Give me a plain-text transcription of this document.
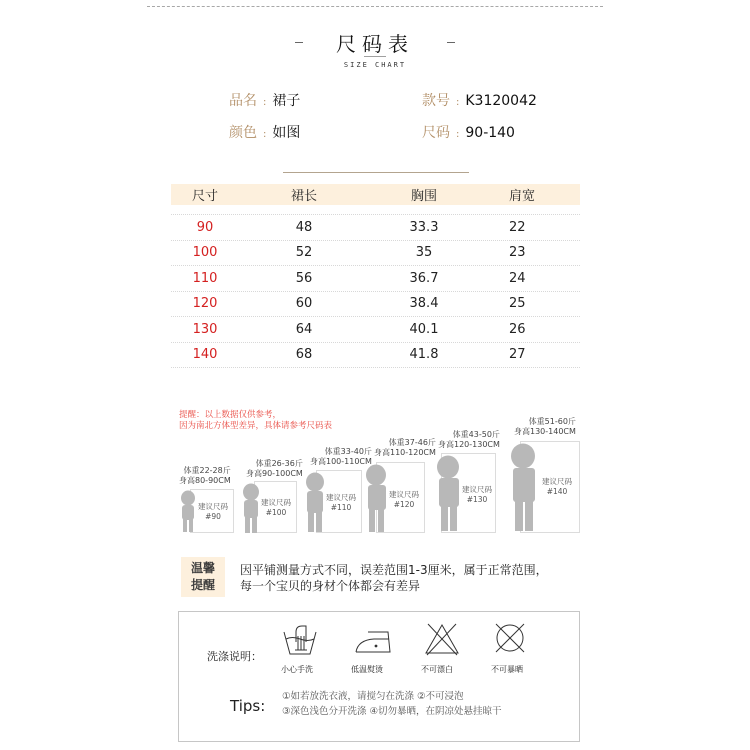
尺码表
SIZE CHART
品名 : 裙子	款号 : K3120042
颜色 : 如图	尺码 : 90-140
尺寸	裙长	胸围	肩宽
90	48	33.3	22
100	52	35	23
110	56	36.7	24
120	60	38.4	25
130	64	40.1	26
140	68	41.8	27
提醒：以上数据仅供参考，
因为南北方体型差异，具体请参考尺码表
体重22-28斤
身高80-90CM
建议尺码
#90
体重26-36斤
身高90-100CM
建议尺码
#100
体重33-40斤
身高100-110CM
建议尺码
#110
体重37-46斤
身高110-120CM
建议尺码
#120
体重43-50斤
身高120-130CM
建议尺码
#130
体重51-60斤
身高130-140CM
建议尺码
#140
温馨
提醒
因平铺测量方式不同，误差范围1-3厘米，属于正常范围，
每一个宝贝的身材个体都会有差异
洗涤说明：
小心手洗	低温熨烫	不可漂白	不可暴晒
Tips:
①如若放洗衣液，请搅匀在洗涤 ②不可浸泡
③深色浅色分开洗涤 ④切勿暴晒，在阴凉处悬挂晾干
